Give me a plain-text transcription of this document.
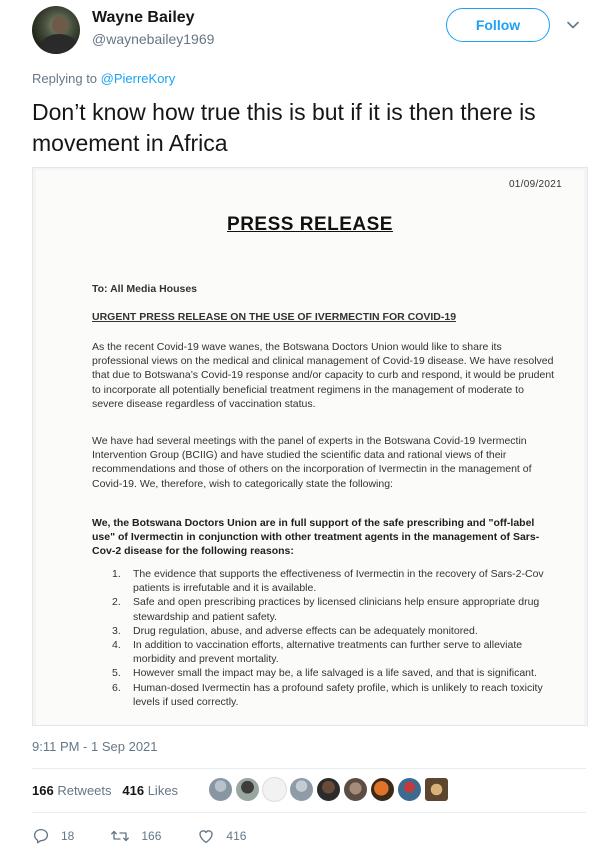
Wayne Bailey
@waynebailey1969
Follow
Replying to @PierreKory
Don’t know how true this is but if it is then there is movement in Africa
01/09/2021
PRESS RELEASE
To: All Media Houses
URGENT PRESS RELEASE ON THE USE OF IVERMECTIN FOR COVID-19
As the recent Covid-19 wave wanes, the Botswana Doctors Union would like to share its professional views on the medical and clinical management of Covid-19 disease. We have resolved that due to Botswana’s Covid-19 response and/or capacity to curb and respond, it would be prudent to incorporate all potentially beneficial treatment regimens in the management of moderate to severe disease regardless of vaccination status.
We have had several meetings with the panel of experts in the Botswana Covid-19 Ivermectin Intervention Group (BCIIG) and have studied the scientific data and rational views of their recommendations and those of others on the incorporation of Ivermectin in the management of Covid-19. We, therefore, wish to categorically state the following:
We, the Botswana Doctors Union are in full support of the safe prescribing and "off-label use" of Ivermectin in conjunction with other treatment agents in the management of Sars-Cov-2 disease for the following reasons:
1. The evidence that supports the effectiveness of Ivermectin in the recovery of Sars-2-Cov patients is irrefutable and it is available.
2. Safe and open prescribing practices by licensed clinicians help ensure appropriate drug stewardship and patient safety.
3. Drug regulation, abuse, and adverse effects can be adequately monitored.
4. In addition to vaccination efforts, alternative treatments can further serve to alleviate morbidity and prevent mortality.
5. However small the impact may be, a life salvaged is a life saved, and that is significant.
6. Human-dosed Ivermectin has a profound safety profile, which is unlikely to reach toxicity levels if used correctly.
9:11 PM - 1 Sep 2021
166 Retweets 416 Likes
18	166	416
